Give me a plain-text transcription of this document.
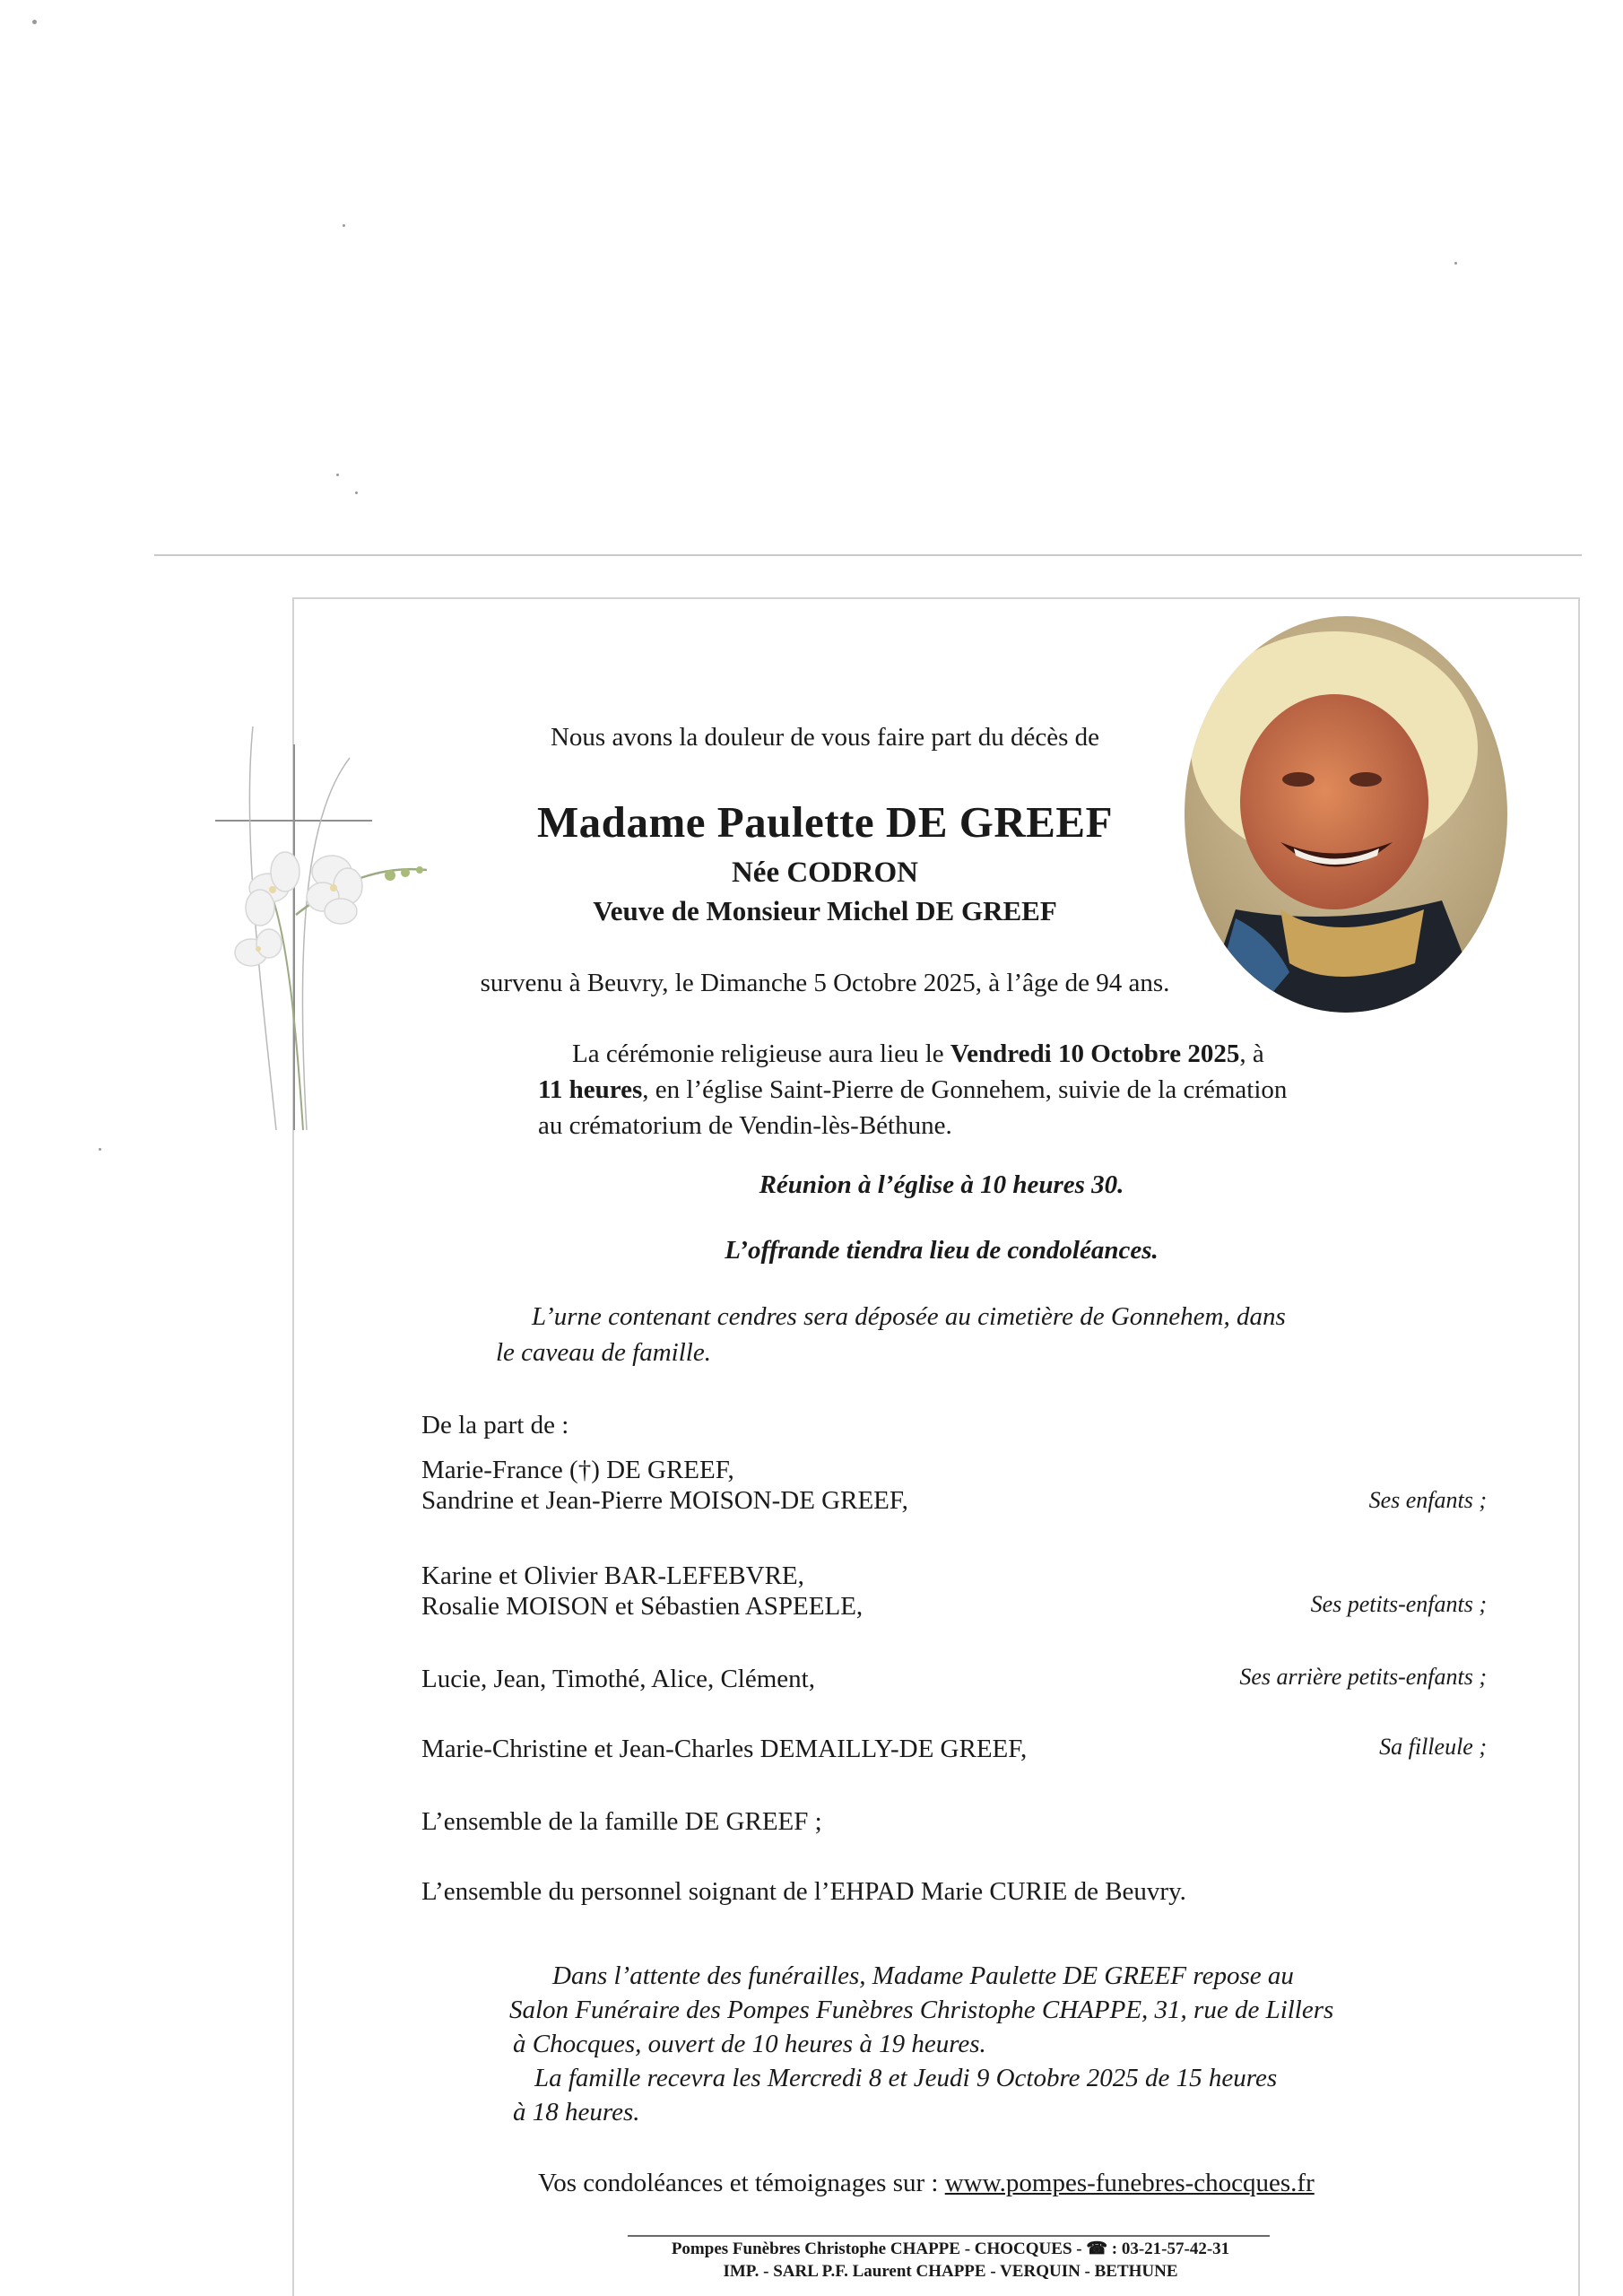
Nous avons la douleur de vous faire part du décès de
Madame Paulette DE GREEF
Née CODRON
Veuve de Monsieur Michel DE GREEF
survenu à Beuvry, le Dimanche 5 Octobre 2025, à l’âge de 94 ans.
La cérémonie religieuse aura lieu le Vendredi 10 Octobre 2025, à
11 heures, en l’église Saint-Pierre de Gonnehem, suivie de la crémation
au crématorium de Vendin-lès-Béthune.
Réunion à l’église à 10 heures 30.
L’offrande tiendra lieu de condoléances.
L’urne contenant cendres sera déposée au cimetière de Gonnehem, dans
le caveau de famille.
De la part de :
Marie-France (†) DE GREEF,
Sandrine et Jean-Pierre MOISON-DE GREEF,	Ses enfants ;
Karine et Olivier BAR-LEFEBVRE,
Rosalie MOISON et Sébastien ASPEELE,	Ses petits-enfants ;
Lucie, Jean, Timothé, Alice, Clément,	Ses arrière petits-enfants ;
Marie-Christine et Jean-Charles DEMAILLY-DE GREEF,	Sa filleule ;
L’ensemble de la famille DE GREEF ;
L’ensemble du personnel soignant de l’EHPAD Marie CURIE de Beuvry.
Dans l’attente des funérailles, Madame Paulette DE GREEF repose au
Salon Funéraire des Pompes Funèbres Christophe CHAPPE, 31, rue de Lillers
à Chocques, ouvert de 10 heures à 19 heures.
La famille recevra les Mercredi 8 et Jeudi 9 Octobre 2025 de 15 heures
à 18 heures.
Vos condoléances et témoignages sur : www.pompes-funebres-chocques.fr
Pompes Funèbres Christophe CHAPPE - CHOCQUES - ☎ : 03-21-57-42-31
IMP. - SARL P.F. Laurent CHAPPE - VERQUIN - BETHUNE
